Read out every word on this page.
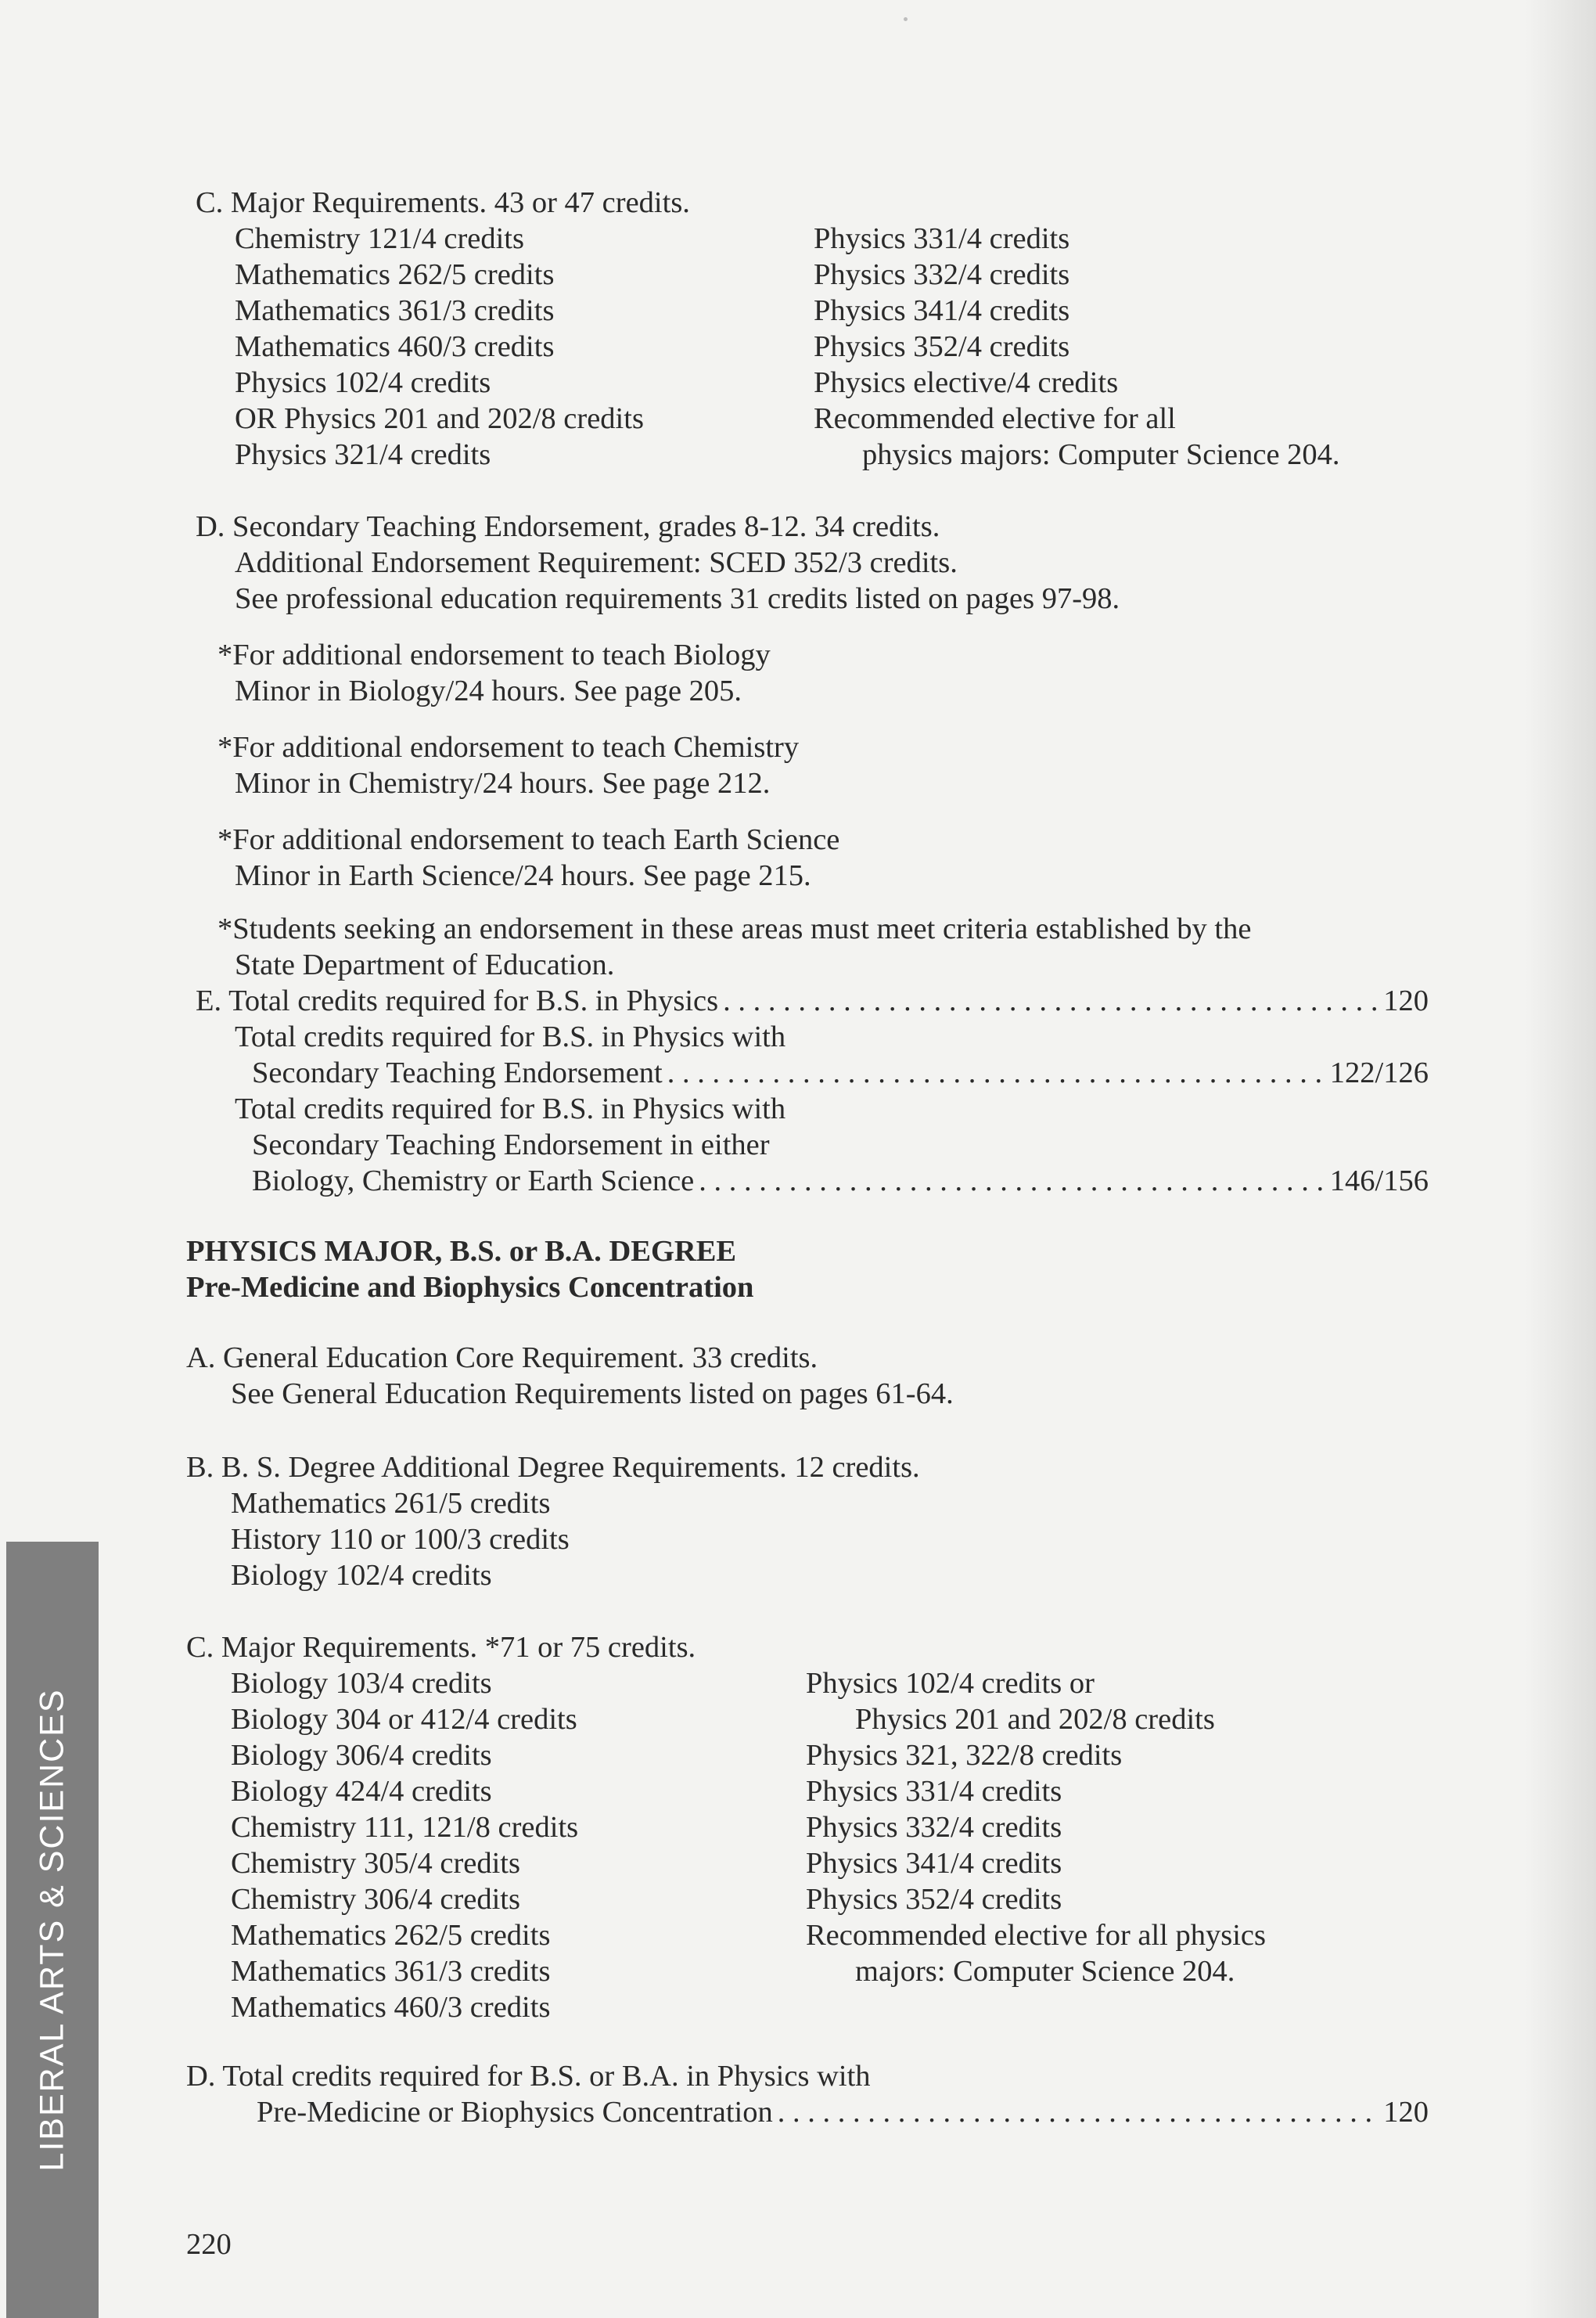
C. Major Requirements. 43 or 47 credits.
Chemistry 121/4 credits
Mathematics 262/5 credits
Mathematics 361/3 credits
Mathematics 460/3 credits
Physics 102/4 credits
OR Physics 201 and 202/8 credits
Physics 321/4 credits
Physics 331/4 credits
Physics 332/4 credits
Physics 341/4 credits
Physics 352/4 credits
Physics elective/4 credits
Recommended elective for all
physics majors: Computer Science 204.
D. Secondary Teaching Endorsement, grades 8-12. 34 credits.
Additional Endorsement Requirement: SCED 352/3 credits.
See professional education requirements 31 credits listed on pages 97-98.
*For additional endorsement to teach Biology
Minor in Biology/24 hours. See page 205.
*For additional endorsement to teach Chemistry
Minor in Chemistry/24 hours. See page 212.
*For additional endorsement to teach Earth Science
Minor in Earth Science/24 hours. See page 215.
*Students seeking an endorsement in these areas must meet criteria established by the
State Department of Education.
E. Total credits required for B.S. in Physics . . .	120
Total credits required for B.S. in Physics with
Secondary Teaching Endorsement . . .	122/126
Total credits required for B.S. in Physics with
Secondary Teaching Endorsement in either
Biology, Chemistry or Earth Science . . .	146/156
PHYSICS MAJOR, B.S. or B.A. DEGREE
Pre-Medicine and Biophysics Concentration
A. General Education Core Requirement. 33 credits.
See General Education Requirements listed on pages 61-64.
B. B. S. Degree Additional Degree Requirements. 12 credits.
Mathematics 261/5 credits
History 110 or 100/3 credits
Biology 102/4 credits
C. Major Requirements. *71 or 75 credits.
Biology 103/4 credits
Biology 304 or 412/4 credits
Biology 306/4 credits
Biology 424/4 credits
Chemistry 111, 121/8 credits
Chemistry 305/4 credits
Chemistry 306/4 credits
Mathematics 262/5 credits
Mathematics 361/3 credits
Mathematics 460/3 credits
Physics 102/4 credits or
Physics 201 and 202/8 credits
Physics 321, 322/8 credits
Physics 331/4 credits
Physics 332/4 credits
Physics 341/4 credits
Physics 352/4 credits
Recommended elective for all physics
majors: Computer Science 204.
D. Total credits required for B.S. or B.A. in Physics with
Pre-Medicine or Biophysics Concentration . . .	120
220
LIBERAL ARTS & SCIENCES
